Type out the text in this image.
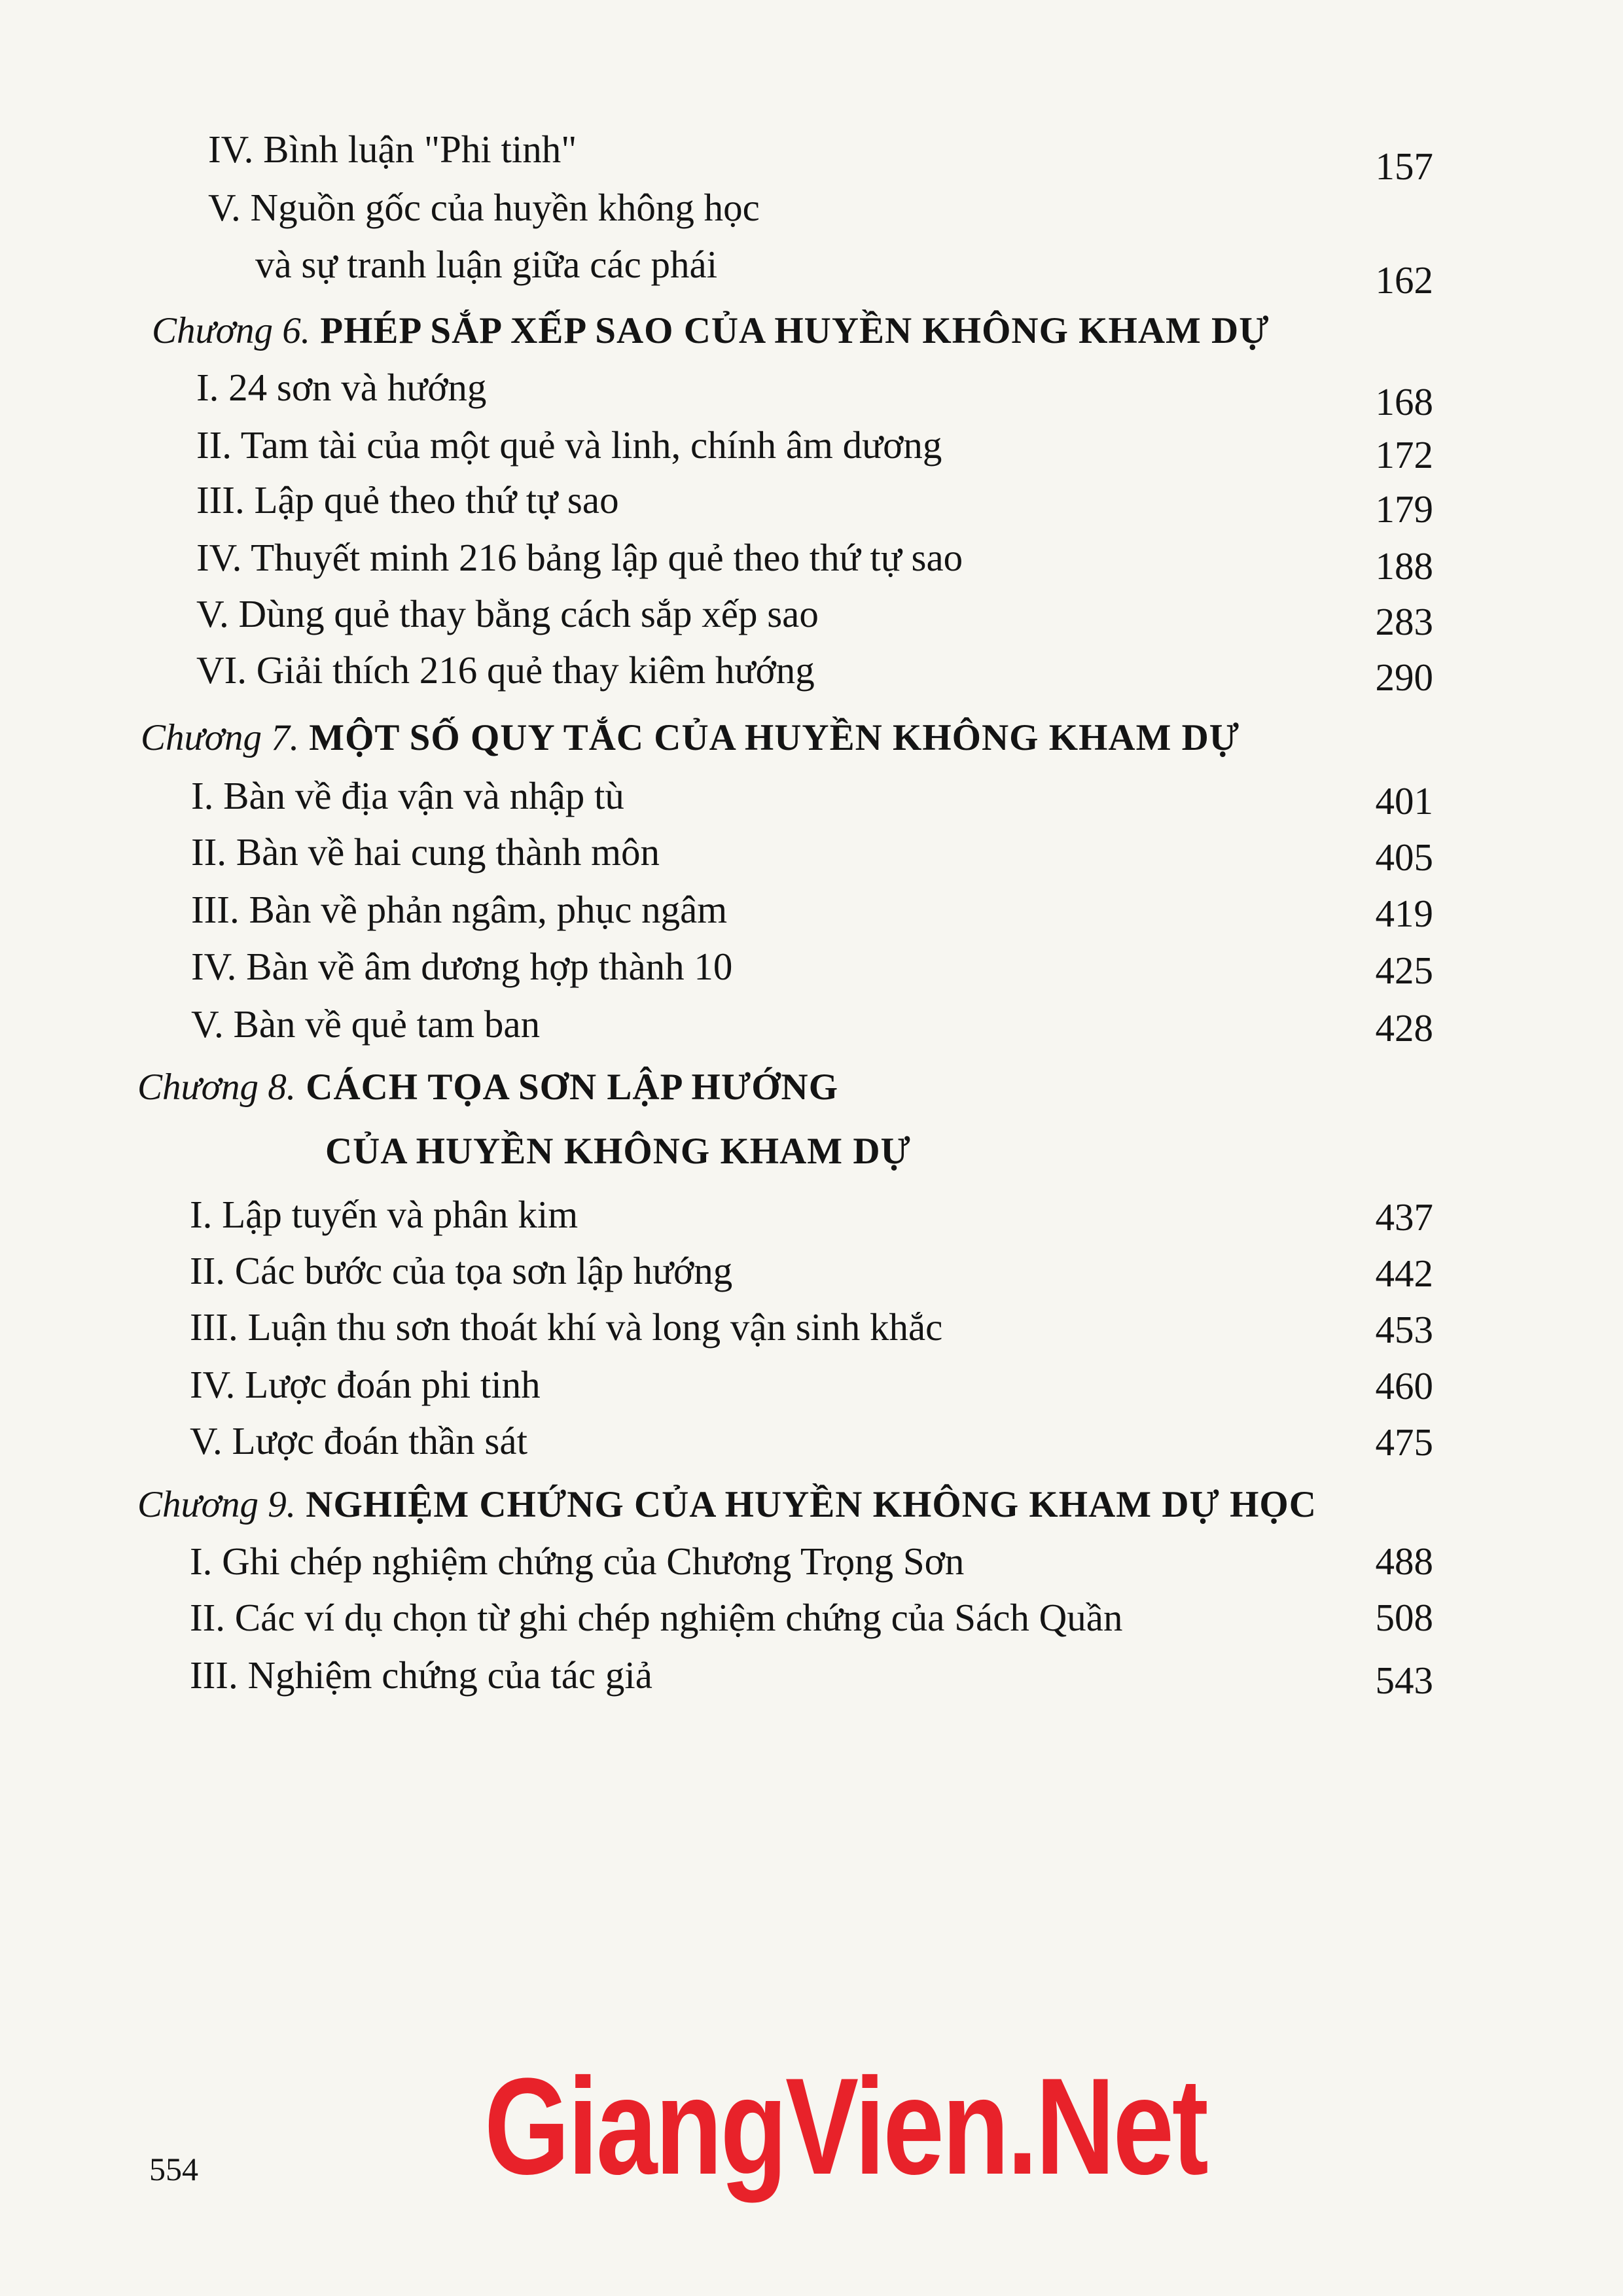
IV. Bình luận "Phi tinh"	157
V. Nguồn gốc của huyền không học
và sự tranh luận giữa các phái	162
Chương 6. PHÉP SẮP XẾP SAO CỦA HUYỀN KHÔNG KHAM DỰ
I. 24 sơn và hướng	168
II. Tam tài của một quẻ và linh, chính âm dương	172
III. Lập quẻ theo thứ tự sao	179
IV. Thuyết minh 216 bảng lập quẻ theo thứ tự sao	188
V. Dùng quẻ thay bằng cách sắp xếp sao	283
VI. Giải thích 216 quẻ thay kiêm hướng	290
Chương 7. MỘT SỐ QUY TẮC CỦA HUYỀN KHÔNG KHAM DỰ
I. Bàn về địa vận và nhập tù	401
II. Bàn về hai cung thành môn	405
III. Bàn về phản ngâm, phục ngâm	419
IV. Bàn về âm dương hợp thành 10	425
V. Bàn về quẻ tam ban	428
Chương 8. CÁCH TỌA SƠN LẬP HƯỚNG
CỦA HUYỀN KHÔNG KHAM DỰ
I. Lập tuyến và phân kim	437
II. Các bước của tọa sơn lập hướng	442
III. Luận thu sơn thoát khí và long vận sinh khắc	453
IV. Lược đoán phi tinh	460
V. Lược đoán thần sát	475
Chương 9. NGHIỆM CHỨNG CỦA HUYỀN KHÔNG KHAM DỰ HỌC
I. Ghi chép nghiệm chứng của Chương Trọng Sơn	488
II. Các ví dụ chọn từ ghi chép nghiệm chứng của Sách Quần	508
III. Nghiệm chứng của tác giả	543
554 GiangVien.Net
